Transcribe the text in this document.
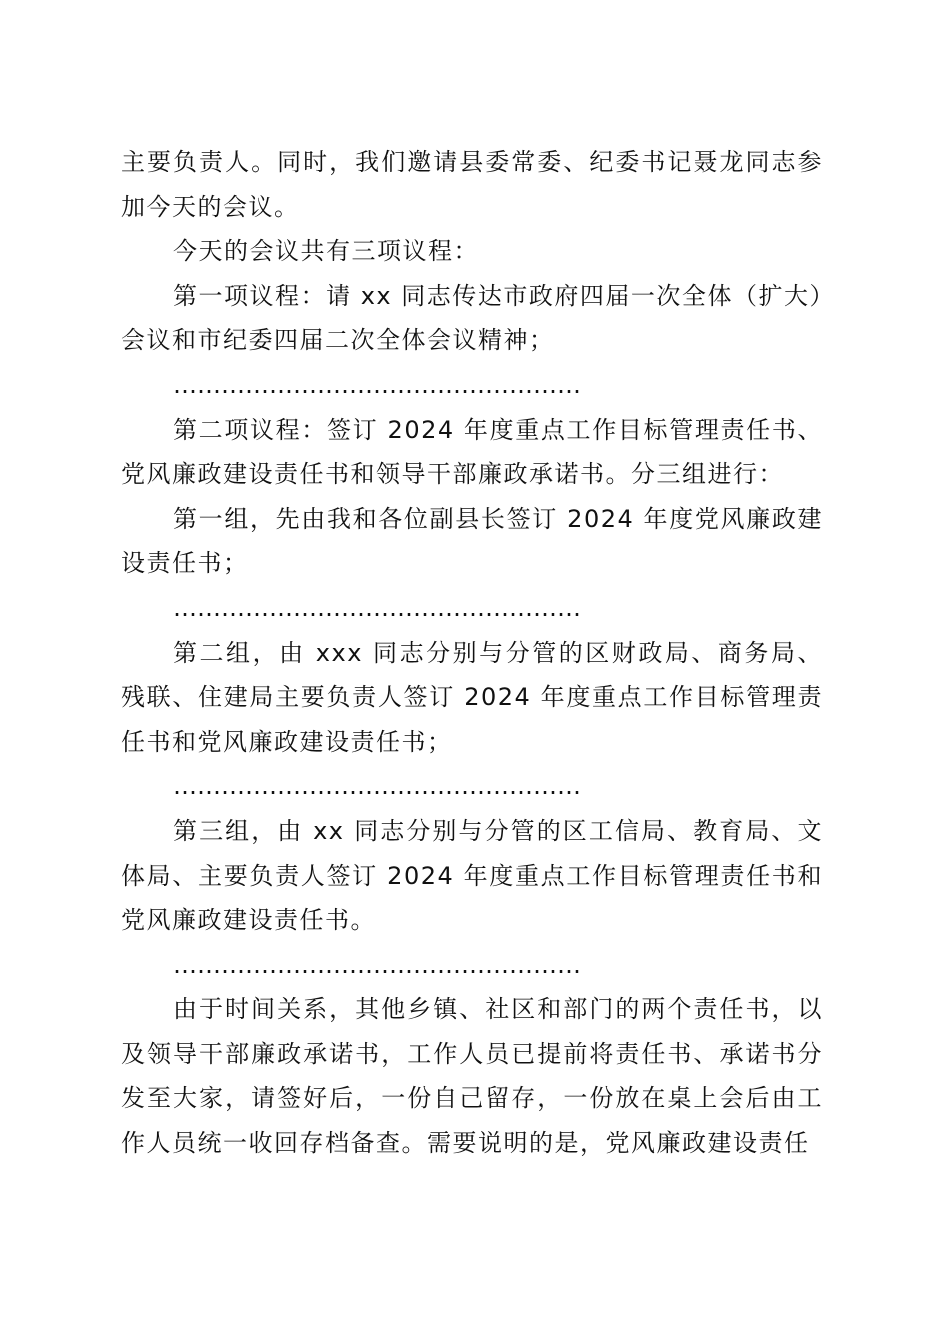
主要负责人。同时，我们邀请县委常委、纪委书记聂龙同志参加今天的会议。

今天的会议共有三项议程：

第一项议程：请 xx 同志传达市政府四届一次全体（扩大）会议和市纪委四届二次全体会议精神；

……………………………………………

第二项议程：签订 2024 年度重点工作目标管理责任书、党风廉政建设责任书和领导干部廉政承诺书。分三组进行：

第一组，先由我和各位副县长签订 2024 年度党风廉政建设责任书；

……………………………………………

第二组，由 xxx 同志分别与分管的区财政局、商务局、残联、住建局主要负责人签订 2024 年度重点工作目标管理责任书和党风廉政建设责任书；

……………………………………………

第三组，由 xx 同志分别与分管的区工信局、教育局、文体局、主要负责人签订 2024 年度重点工作目标管理责任书和党风廉政建设责任书。

……………………………………………

由于时间关系，其他乡镇、社区和部门的两个责任书，以及领导干部廉政承诺书，工作人员已提前将责任书、承诺书分发至大家，请签好后，一份自己留存，一份放在桌上会后由工作人员统一收回存档备查。需要说明的是，党风廉政建设责任
